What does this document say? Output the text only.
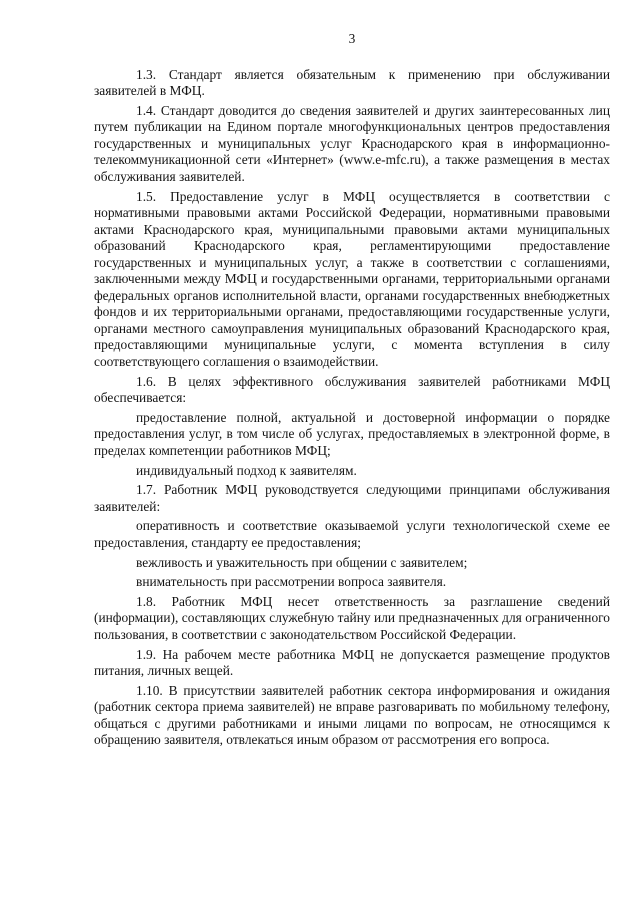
3

1.3. Стандарт является обязательным к применению при обслуживании заявителей в МФЦ.

1.4. Стандарт доводится до сведения заявителей и других заинтересованных лиц путем публикации на Едином портале многофункциональных центров предоставления государственных и муниципальных услуг Краснодарского края в информационно-телекоммуникационной сети «Интернет» (www.e-mfc.ru), а также размещения в местах обслуживания заявителей.

1.5. Предоставление услуг в МФЦ осуществляется в соответствии с нормативными правовыми актами Российской Федерации, нормативными правовыми актами Краснодарского края, муниципальными правовыми актами муниципальных образований Краснодарского края, регламентирующими предоставление государственных и муниципальных услуг, а также в соответствии с соглашениями, заключенными между МФЦ и государственными органами, территориальными органами федеральных органов исполнительной власти, органами государственных внебюджетных фондов и их территориальными органами, предоставляющими государственные услуги, органами местного самоуправления муниципальных образований Краснодарского края, предоставляющими муниципальные услуги, с момента вступления в силу соответствующего соглашения о взаимодействии.

1.6. В целях эффективного обслуживания заявителей работниками МФЦ обеспечивается:

предоставление полной, актуальной и достоверной информации о порядке предоставления услуг, в том числе об услугах, предоставляемых в электронной форме, в пределах компетенции работников МФЦ;

индивидуальный подход к заявителям.

1.7. Работник МФЦ руководствуется следующими принципами обслуживания заявителей:

оперативность и соответствие оказываемой услуги технологической схеме ее предоставления, стандарту ее предоставления;

вежливость и уважительность при общении с заявителем;

внимательность при рассмотрении вопроса заявителя.

1.8. Работник МФЦ несет ответственность за разглашение сведений (информации), составляющих служебную тайну или предназначенных для ограниченного пользования, в соответствии с законодательством Российской Федерации.

1.9. На рабочем месте работника МФЦ не допускается размещение продуктов питания, личных вещей.

1.10. В присутствии заявителей работник сектора информирования и ожидания (работник сектора приема заявителей) не вправе разговаривать по мобильному телефону, общаться с другими работниками и иными лицами по вопросам, не относящимся к обращению заявителя, отвлекаться иным образом от рассмотрения его вопроса.
